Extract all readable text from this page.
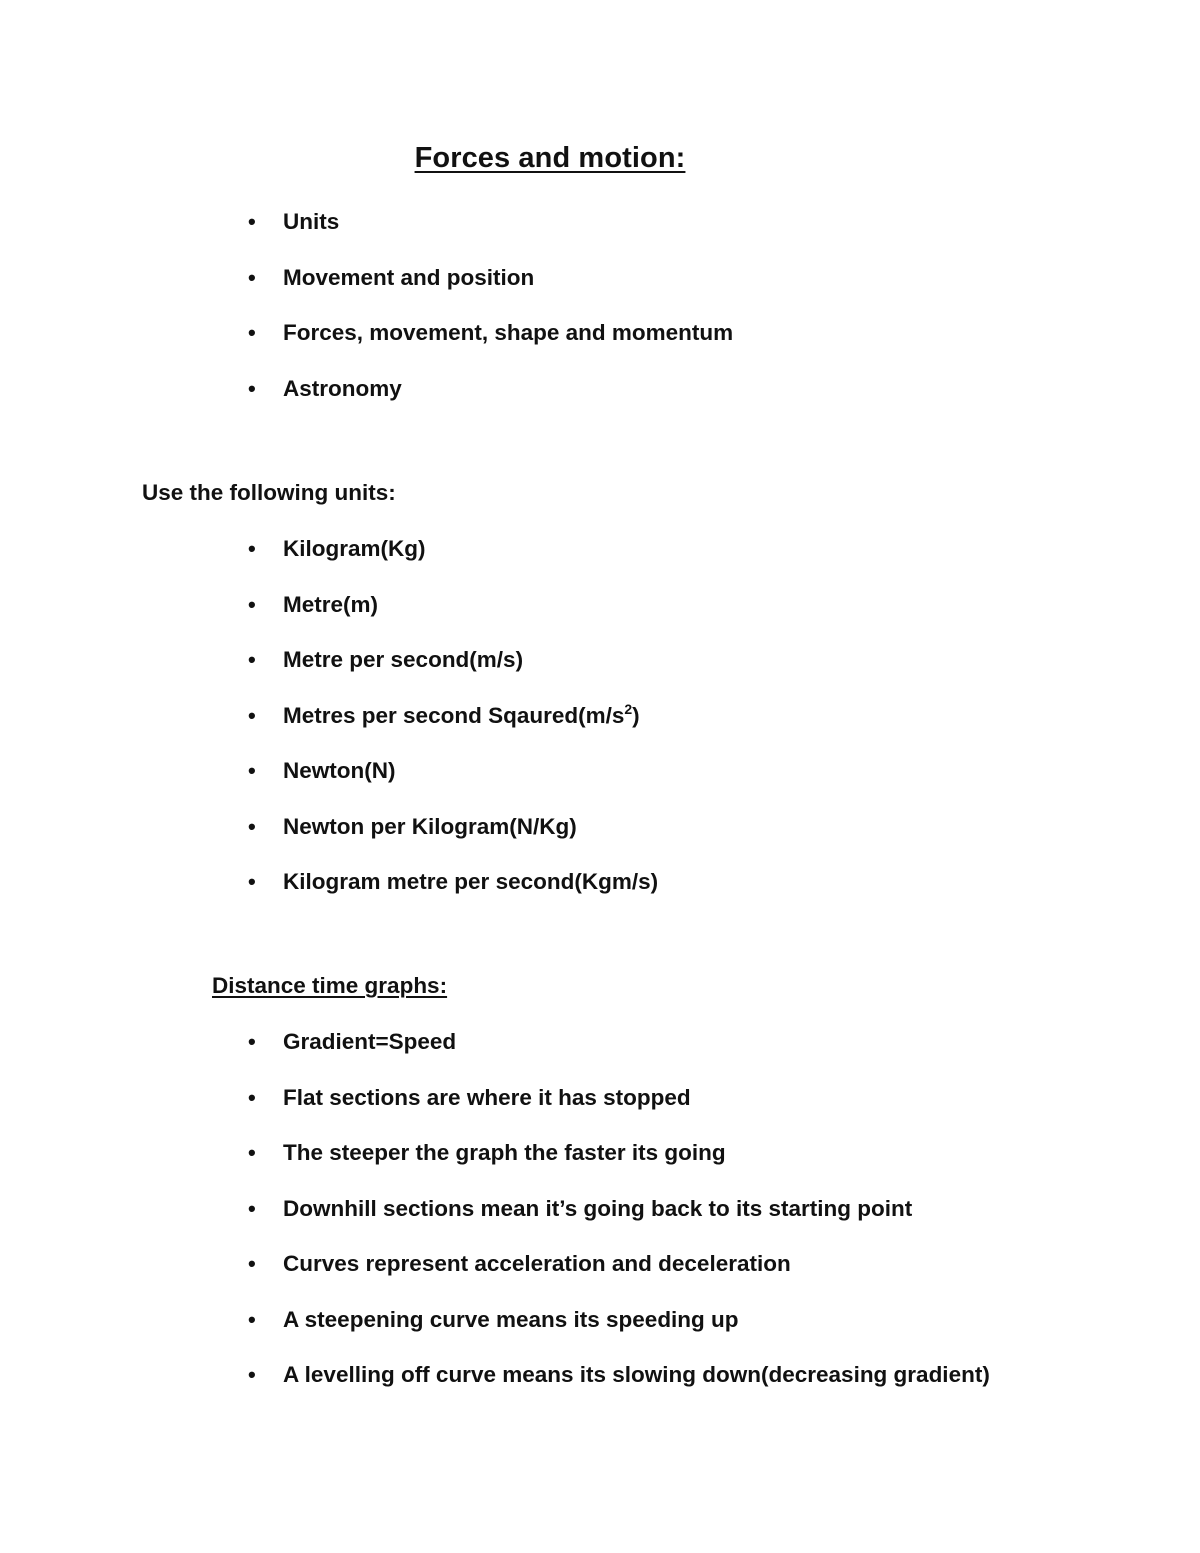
Forces and motion:
• Units
• Movement and position
• Forces, movement, shape and momentum
• Astronomy
Use the following units:
• Kilogram(Kg)
• Metre(m)
• Metre per second(m/s)
• Metres per second $Sqaured(m/s^2)$
• Newton(N)
• Newton per Kilogram(N/Kg)
• Kilogram metre per second(Kgm/s)
Distance time graphs:
• Gradient=Speed
• Flat sections are where it has stopped
• The steeper the graph the faster its going
• Downhill sections mean it’s going back to its starting point
• Curves represent acceleration and deceleration
• A steepening curve means its speeding up
• A levelling off curve means its slowing down(decreasing gradient)
